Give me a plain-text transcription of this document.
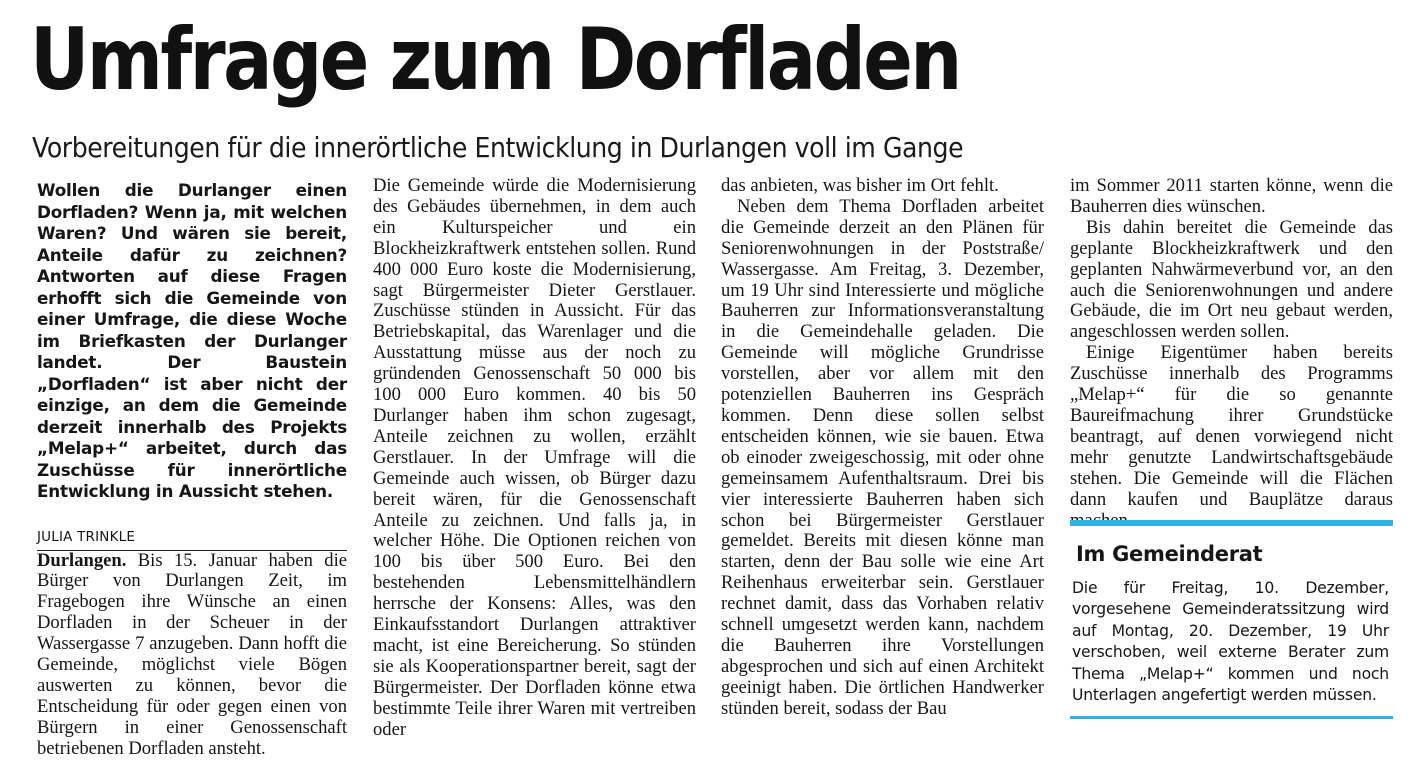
Umfrage zum Dorfladen
Vorbereitungen für die innerörtliche Entwicklung in Durlangen voll im Gange

Wollen die Durlanger einen Dorfladen? Wenn ja, mit welchen Waren? Und wären sie bereit, Anteile dafür zu zeichnen? Antworten auf diese Fragen erhofft sich die Gemeinde von einer Umfrage, die diese Woche im Briefkasten der Durlanger landet. Der Baustein „Dorfladen“ ist aber nicht der einzige, an dem die Gemeinde derzeit innerhalb des Projekts „Melap+“ arbeitet, durch das Zuschüsse für innerörtliche Entwicklung in Aussicht stehen.

JULIA TRINKLE

Durlangen. Bis 15. Januar haben die Bürger von Durlangen Zeit, im Fragebogen ihre Wünsche an einen Dorfladen in der Scheuer in der Wassergasse 7 anzugeben. Dann hofft die Gemeinde, möglichst viele Bögen auswerten zu können, bevor die Entscheidung für oder gegen einen von Bürgern in einer Genossenschaft betriebenen Dorfladen ansteht.

Die Gemeinde würde die Modernisierung des Gebäudes übernehmen, in dem auch ein Kulturspeicher und ein Blockheizkraftwerk entstehen sollen. Rund 400 000 Euro koste die Modernisierung, sagt Bürgermeister Dieter Gerstlauer. Zuschüsse stünden in Aussicht. Für das Betriebskapital, das Warenlager und die Ausstattung müsse aus der noch zu gründenden Genossenschaft 50 000 bis 100 000 Euro kommen. 40 bis 50 Durlanger haben ihm schon zugesagt, Anteile zeichnen zu wollen, erzählt Gerstlauer. In der Umfrage will die Gemeinde auch wissen, ob Bürger dazu bereit wären, für die Genossenschaft Anteile zu zeichnen. Und falls ja, in welcher Höhe. Die Optionen reichen von 100 bis über 500 Euro. Bei den bestehenden Lebensmittelhändlern herrsche der Konsens: Alles, was den Einkaufsstandort Durlangen attraktiver macht, ist eine Bereicherung. So stünden sie als Kooperationspartner bereit, sagt der Bürgermeister. Der Dorfladen könne etwa bestimmte Teile ihrer Waren mit vertreiben oder

das anbieten, was bisher im Ort fehlt.

Neben dem Thema Dorfladen arbeitet die Gemeinde derzeit an den Plänen für Seniorenwohnungen in der Poststraße/ Wassergasse. Am Freitag, 3. Dezember, um 19 Uhr sind Interessierte und mögliche Bauherren zur Informationsveranstaltung in die Gemeindehalle geladen. Die Gemeinde will mögliche Grundrisse vorstellen, aber vor allem mit den potenziellen Bauherren ins Gespräch kommen. Denn diese sollen selbst entscheiden können, wie sie bauen. Etwa ob einoder zweigeschossig, mit oder ohne gemeinsamem Aufenthaltsraum. Drei bis vier interessierte Bauherren haben sich schon bei Bürgermeister Gerstlauer gemeldet. Bereits mit diesen könne man starten, denn der Bau solle wie eine Art Reihenhaus erweiterbar sein. Gerstlauer rechnet damit, dass das Vorhaben relativ schnell umgesetzt werden kann, nachdem die Bauherren ihre Vorstellungen abgesprochen und sich auf einen Architekt geeinigt haben. Die örtlichen Handwerker stünden bereit, sodass der Bau

im Sommer 2011 starten könne, wenn die Bauherren dies wünschen.

Bis dahin bereitet die Gemeinde das geplante Blockheizkraftwerk und den geplanten Nahwärmeverbund vor, an den auch die Seniorenwohnungen und andere Gebäude, die im Ort neu gebaut werden, angeschlossen werden sollen.

Einige Eigentümer haben bereits Zuschüsse innerhalb des Programms „Melap+“ für die so genannte Baureifmachung ihrer Grundstücke beantragt, auf denen vorwiegend nicht mehr genutzte Landwirtschaftsgebäude stehen. Die Gemeinde will die Flächen dann kaufen und Bauplätze daraus

Im Gemeinderat

Die für Freitag, 10. Dezember, vorgesehene Gemeinderatssitzung wird auf Montag, 20. Dezember, 19 Uhr verschoben, weil externe Berater zum Thema „Melap+“ kommen und noch Unterlagen angefertigt werden müssen.
